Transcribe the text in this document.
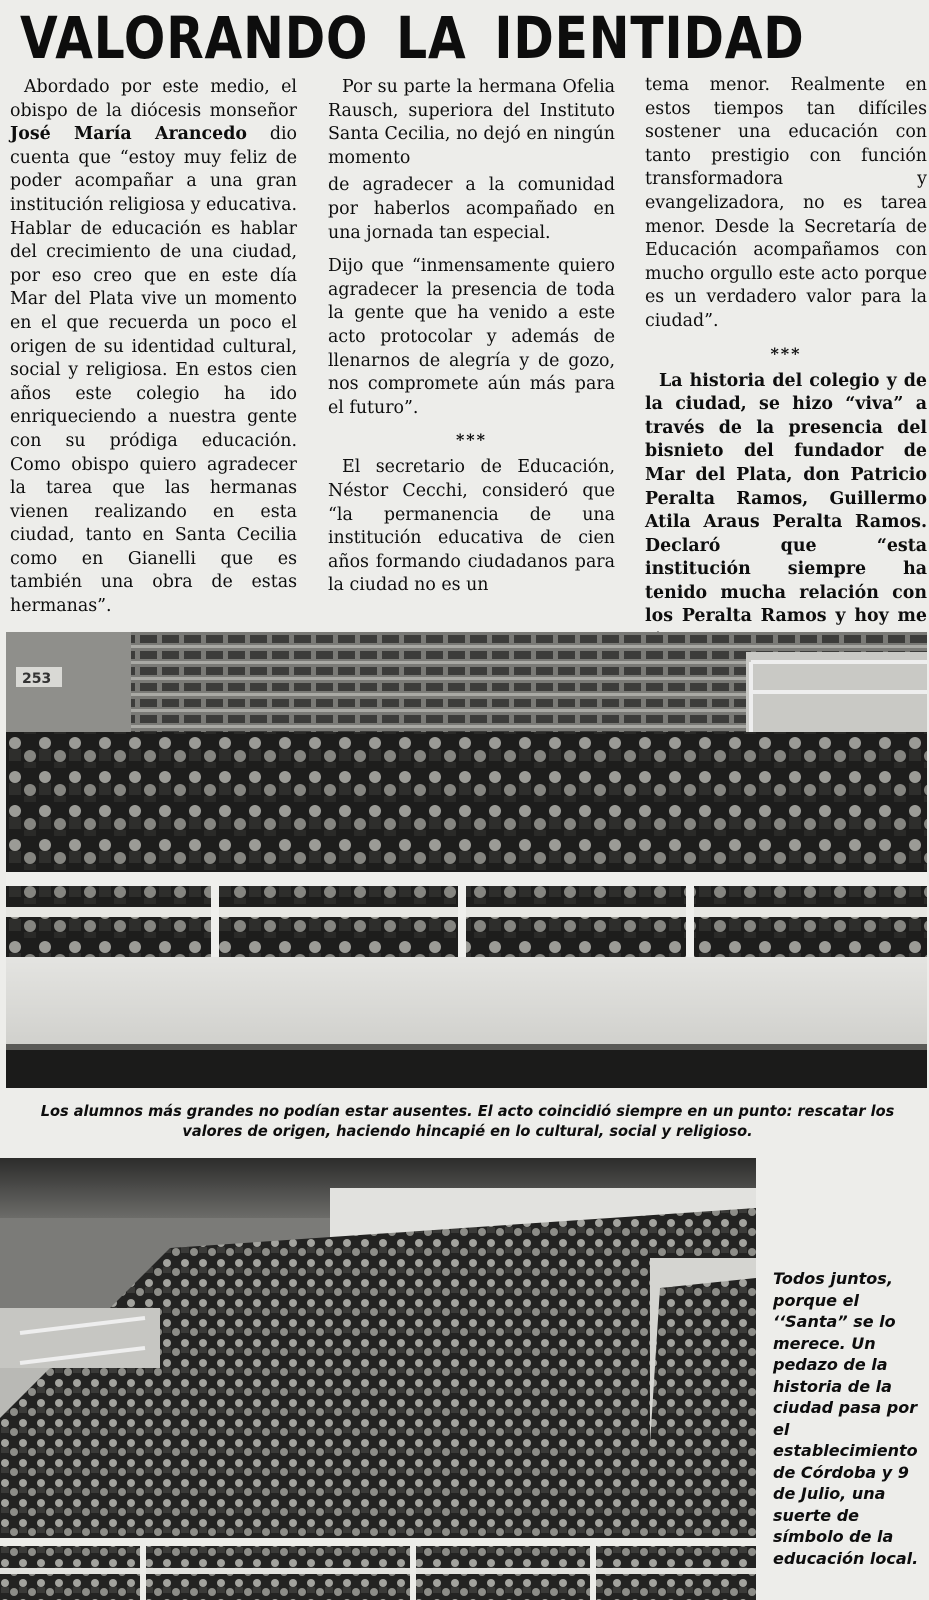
VALORANDO LA IDENTIDAD

Abordado por este medio, el obispo de la diócesis monseñor José María Arancedo dio cuenta que “estoy muy feliz de poder acompañar a una gran institución religiosa y educativa. Hablar de educación es hablar del crecimiento de una ciudad, por eso creo que en este día Mar del Plata vive un momento en el que recuerda un poco el origen de su identidad cultural, social y religiosa. En estos cien años este colegio ha ido enriqueciendo a nuestra gente con su pródiga educación. Como obispo quiero agradecer la tarea que las hermanas vienen realizando en esta ciudad, tanto en Santa Cecilia como en Gianelli que es también una obra de estas hermanas”.

Por su parte la hermana Ofelia Rausch, superiora del Instituto Santa Cecilia, no dejó en ningún momento

de agradecer a la comunidad por haberlos acompañado en una jornada tan especial.

Dijo que “inmensamente quiero agradecer la presencia de toda la gente que ha venido a este acto protocolar y además de llenarnos de alegría y de gozo, nos compromete aún más para el futuro”.

***

El secretario de Educación, Néstor Cecchi, consideró que “la permanencia de una institución educativa de cien años formando ciudadanos para la ciudad no es un

tema menor. Realmente en estos tiempos tan difíciles sostener una educación con tanto prestigio con función transformadora y evangelizadora, no es tarea menor. Desde la Secretaría de Educación acompañamos con mucho orgullo este acto porque es un verdadero valor para la ciudad”.

***

La historia del colegio y de la ciudad, se hizo “viva” a través de la presencia del bisnieto del fundador de Mar del Plata, don Patricio Peralta Ramos, Guillermo Atila Araus Peralta Ramos. Declaró que “esta institución siempre ha tenido mucha relación con los Peralta Ramos y hoy me

253
Los alumnos más grandes no podían estar ausentes. El acto coincidió siempre en un punto: rescatar los valores de origen, haciendo hincapié en lo cultural, social y religioso.
Todos juntos, porque el ‘‘Santa” se lo merece. Un pedazo de la historia de la ciudad pasa por el establecimiento de Córdoba y 9 de Julio, una suerte de símbolo de la educación local.
